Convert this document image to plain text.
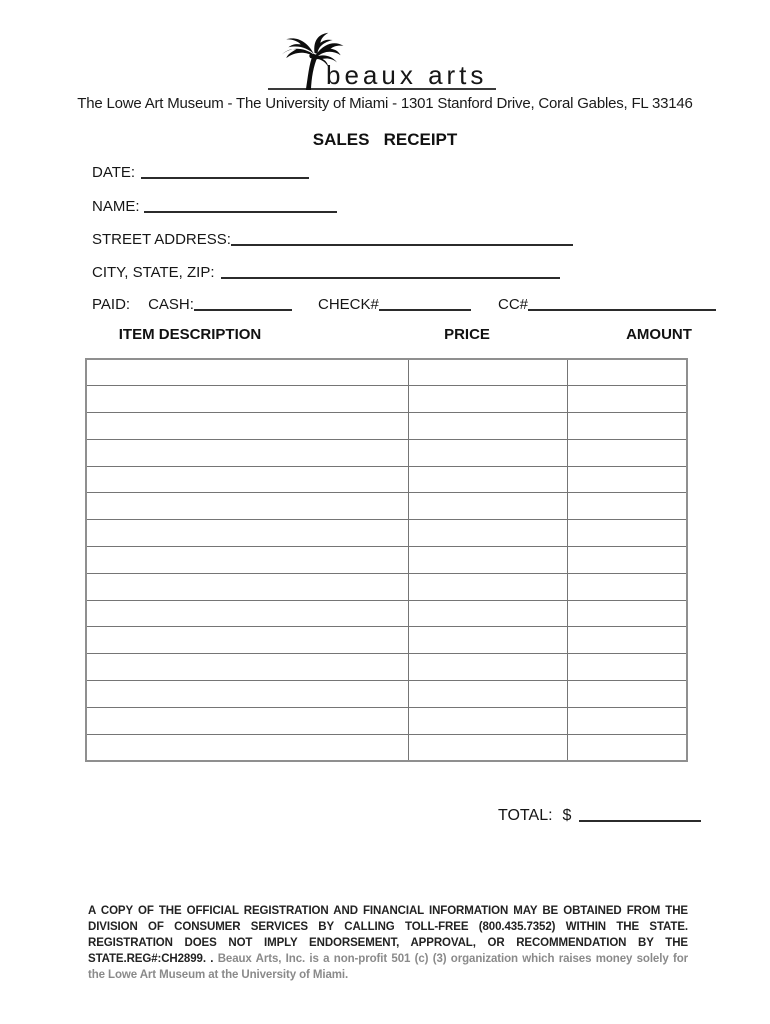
beaux arts
The Lowe Art Museum - The University of Miami - 1301 Stanford Drive, Coral Gables, FL 33146
SALES   RECEIPT
DATE:
NAME:
STREET ADDRESS:
CITY, STATE, ZIP:
PAID: CASH:	CHECK#	CC#
ITEM DESCRIPTION	PRICE	AMOUNT

TOTAL: $

A COPY OF THE OFFICIAL REGISTRATION AND FINANCIAL INFORMATION MAY BE OBTAINED FROM THE DIVISION OF CONSUMER SERVICES BY CALLING TOLL-FREE (800.435.7352) WITHIN THE STATE. REGISTRATION DOES NOT IMPLY ENDORSEMENT, APPROVAL, OR RECOMMENDATION BY THE STATE.REG#:CH2899. . Beaux Arts, Inc. is a non-profit 501 (c) (3) organization which raises money solely for the Lowe Art Museum at the University of Miami.
